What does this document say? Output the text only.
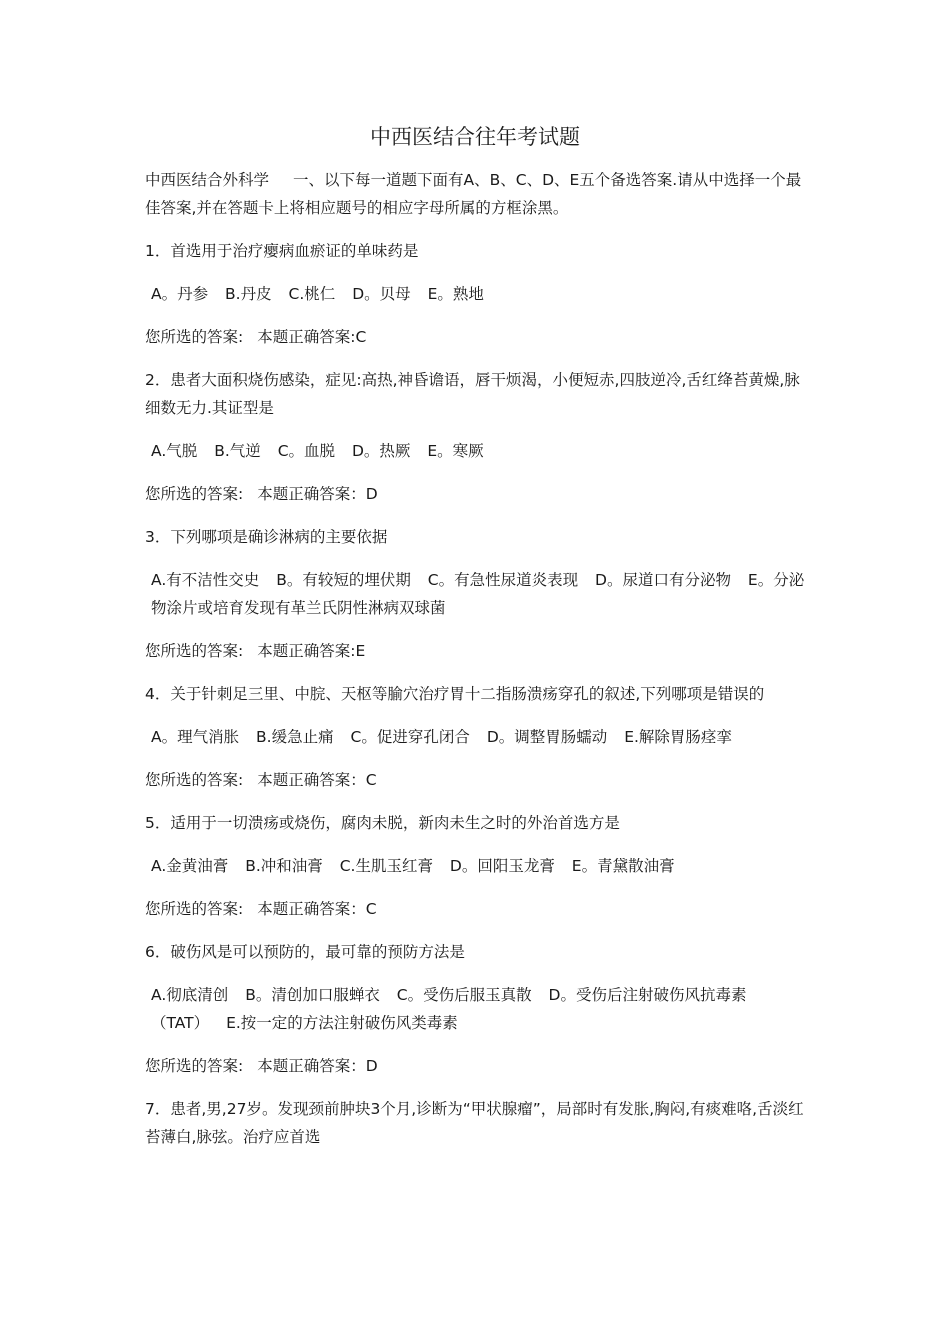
中西医结合往年考试题

中西医结合外科学 一、以下每一道题下面有A、B、C、D、E五个备选答案.请从中选择一个最佳答案,并在答题卡上将相应题号的相应字母所属的方框涂黑。

1．首选用于治疗瘿病血瘀证的单味药是

A。丹参 B.丹皮 C.桃仁 D。贝母 E。熟地

您所选的答案: 本题正确答案:C

2．患者大面积烧伤感染，症见:高热,神昏谵语，唇干烦渴，小便短赤,四肢逆冷,舌红绛苔黄燥,脉细数无力.其证型是

A.气脱 B.气逆 C。血脱 D。热厥 E。寒厥

您所选的答案: 本题正确答案：D

3．下列哪项是确诊淋病的主要依据

A.有不洁性交史 B。有较短的埋伏期 C。有急性尿道炎表现 D。尿道口有分泌物 E。分泌物涂片或培育发现有革兰氏阴性淋病双球菌

您所选的答案: 本题正确答案:E

4．关于针刺足三里、中脘、天枢等腧穴治疗胃十二指肠溃疡穿孔的叙述,下列哪项是错误的

A。理气消胀 B.缓急止痛 C。促进穿孔闭合 D。调整胃肠蠕动 E.解除胃肠痉挛

您所选的答案: 本题正确答案：C

5．适用于一切溃疡或烧伤，腐肉未脱，新肉未生之时的外治首选方是

A.金黄油膏 B.冲和油膏 C.生肌玉红膏 D。回阳玉龙膏 E。青黛散油膏

您所选的答案: 本题正确答案：C

6．破伤风是可以预防的，最可靠的预防方法是

A.彻底清创 B。清创加口服蝉衣 C。受伤后服玉真散 D。受伤后注射破伤风抗毒素（TAT） E.按一定的方法注射破伤风类毒素

您所选的答案: 本题正确答案：D

7．患者,男,27岁。发现颈前肿块3个月,诊断为“甲状腺瘤”，局部时有发胀,胸闷,有痰难咯,舌淡红苔薄白,脉弦。治疗应首选
